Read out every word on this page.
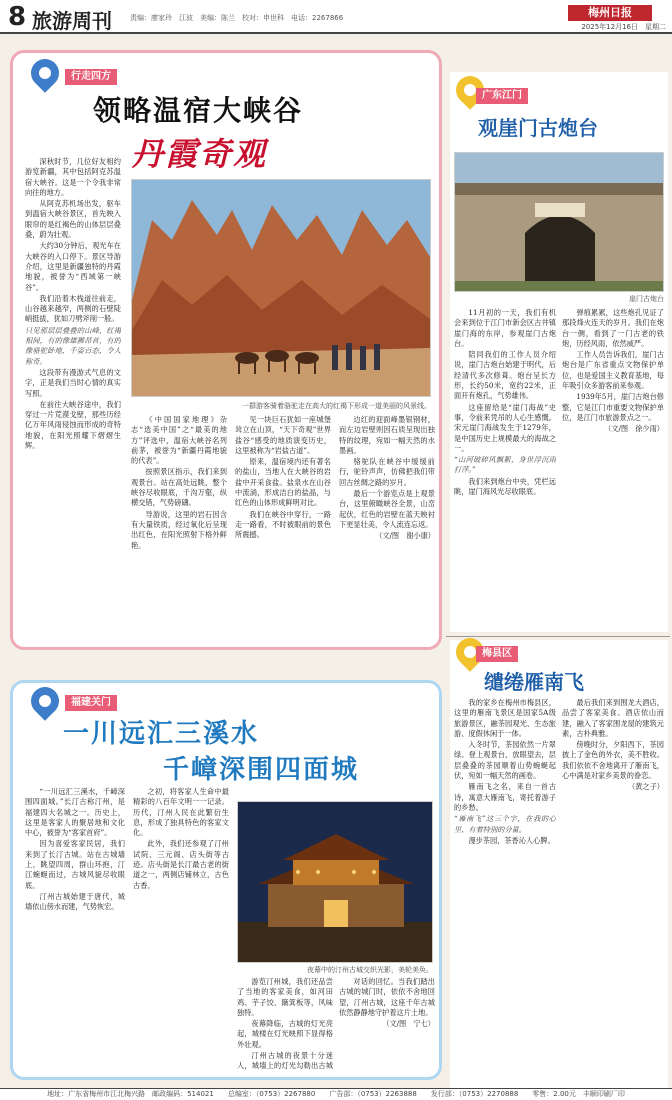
8 旅游周刊	责编：廖家玲　江波　美编：陈兰　校对：申世科　电话：2267866	梅州日报
2025年12月16日　星期二
行走四方
领略温宿大峡谷
丹霞奇观

深秋时节，几位好友相约游览新疆，其中包括阿克苏温宿大峡谷。这是一个令我非常向往的地方。

从阿克苏机场出发，驱车到温宿大峡谷景区，首先映入眼帘的是红褐色的山体层层叠叠，蔚为壮观。

大约30分钟后，观光车在大峡谷的入口停下。景区导游介绍，这里是新疆独特的丹霞地貌，被誉为“西域第一峡谷”。

我们沿着木栈道往前走，山谷越来越窄，两侧的石壁陡峭挺拔，犹如刀劈斧削一般。

只见那层层叠叠的山峰，红褐相间，有的像雄狮昂首，有的像骆驼卧地，千姿百态，令人称奇。

这段带有漫游式气息的文字，正是我们当时心情的真实写照。

在前往大峡谷途中，我们穿过一片荒漠戈壁，那些历经亿万年风雨侵蚀而形成的奇特地貌，在阳光照耀下熠熠生辉。

一群游客骑着骆驼走在高大的红褐下形成一道美丽的风景线。

《中国国家地理》杂志“选美中国”之“最美的地方”评选中，温宿大峡谷名列前茅，被誉为“新疆丹霞地貌的代表”。

按照景区指示，我们来到观景台。站在高处远眺，整个峡谷尽收眼底，千沟万壑，纵横交错，气势磅礴。

导游说，这里的岩石因含有大量铁质，经过氧化后呈现出红色，在阳光照射下格外鲜艳。

见一块巨石犹如一座城堡耸立在山顶，“天下奇观”世界盐谷“感受的地质演变历史，这里被称为“岩盐古道”。

原来，温宿境内还有著名的盐山，当地人在大峡谷的岩盐中开采食盐。盐泉水在山谷中流淌，形成洁白的盐晶，与红色的山体形成鲜明对比。

我们在峡谷中穿行，一路走一路看，不时被眼前的景色所震撼。

边红的迎面峰墨银钢材，而左边岩壁则因石质呈现出独特的纹理，宛如一幅天然的水墨画。

骆驼队在峡谷中缓缓前行，驼铃声声，仿佛把我们带回古丝绸之路的岁月。

最后一个游览点是上观景台，这里俯瞰峡谷全景，山峦起伏，红色的岩壁在蓝天映衬下更显壮美，令人流连忘返。

（文/图　谢小康）

福建关门
一川远汇三溪水
千嶂深围四面城

“一川远汇三溪水，千嶂深围四面城。”长汀古称汀州，是福建四大名城之一。历史上，这里是客家人的聚居地和文化中心，被誉为“客家首府”。

因为喜爱客家民居，我们来到了长汀古城。站在古城墙上，眺望四周，群山环抱，汀江蜿蜒而过，古城风貌尽收眼底。

汀州古城始建于唐代，城墙依山傍水而建，气势恢宏。

之初，将客家人生命中最精彩的八百年文明一一记录。历代，汀州人民在此繁衍生息，形成了独具特色的客家文化。

此外，我们还参观了汀州试院、三元阁、店头街等古迹。店头街是长汀最古老的街道之一，两侧店铺林立，古色古香。

夜幕中的汀州古城交织光影，美轮美奂。

游览汀州城，我们还品尝了当地的客家美食，如河田鸡、芋子饺、簸箕板等，风味独特。

夜幕降临，古城的灯光亮起，城楼在灯光映照下显得格外壮观。

汀州古城的夜景十分迷人，城墙上的灯光勾勒出古城

对话的回忆。当我们踏出古城的城门时，依依不舍地回望，汀州古城，这座千年古城依然静静地守护着这片土地。

（文/图　宁七）

广东江门
观崖门古炮台
崖门古炮台

11月初的一天，我们有机会来到位于江门市新会区古井镇崖门海的东岸，参观崖门古炮台。

陪同我们的工作人员介绍说，崖门古炮台始建于明代，后经清代多次修葺。炮台呈长方形，长约50米，宽约22米，正面开有炮孔，气势雄伟。

这座留给是“崖门海战”史事，令前来凭吊的人心生感慨。宋元崖门海战发生于1279年，是中国历史上规模最大的海战之一。

“山河破碎风飘絮，身世浮沉雨打萍。”

我们来到炮台中央，凭栏远眺，崖门海风光尽收眼底。

弹痕累累，这些炮孔见证了那段烽火连天的岁月。我们在炮台一侧，看到了一门古老的铁炮，历经风雨，依然威严。

工作人员告诉我们，崖门古炮台是广东省重点文物保护单位，也是爱国主义教育基地，每年吸引众多游客前来参观。

1939年5月，崖门古炮台修整，它是江门市重要文物保护单位，是江门市旅游景点之一。

（文/图　徐少雨）

梅县区
缱绻雁南飞

我的家乡在梅州市梅县区，这里的雁南飞景区是国家5A级旅游景区，融茶园观光、生态旅游、度假休闲于一体。

入冬时节，茶园依然一片翠绿。登上观景台，放眼望去，层层叠叠的茶园顺着山势蜿蜒起伏，宛如一幅天然的画卷。

雁南飞之名，来自一首古诗，寓意大雁南飞，寄托着游子的乡愁。

“雁南飞”这三个字，在我的心里，有着特别的分量。

漫步茶园，茶香沁人心脾。

最后我们来到围龙大酒店，品尝了客家美食。酒店依山而建，融入了客家围龙屋的建筑元素，古朴典雅。

傍晚时分，夕阳西下，茶园披上了金色的外衣，美不胜收。我们依依不舍地离开了雁南飞，心中满是对家乡美景的眷恋。

（黄之子）

地址：广东省梅州市江北梅兴路　邮政编码：514021　　总编室：（0753）2267880　　广告部：（0753）2263888　　发行部：（0753）2270888　　零售：2.00元　丰顺印刷厂印
